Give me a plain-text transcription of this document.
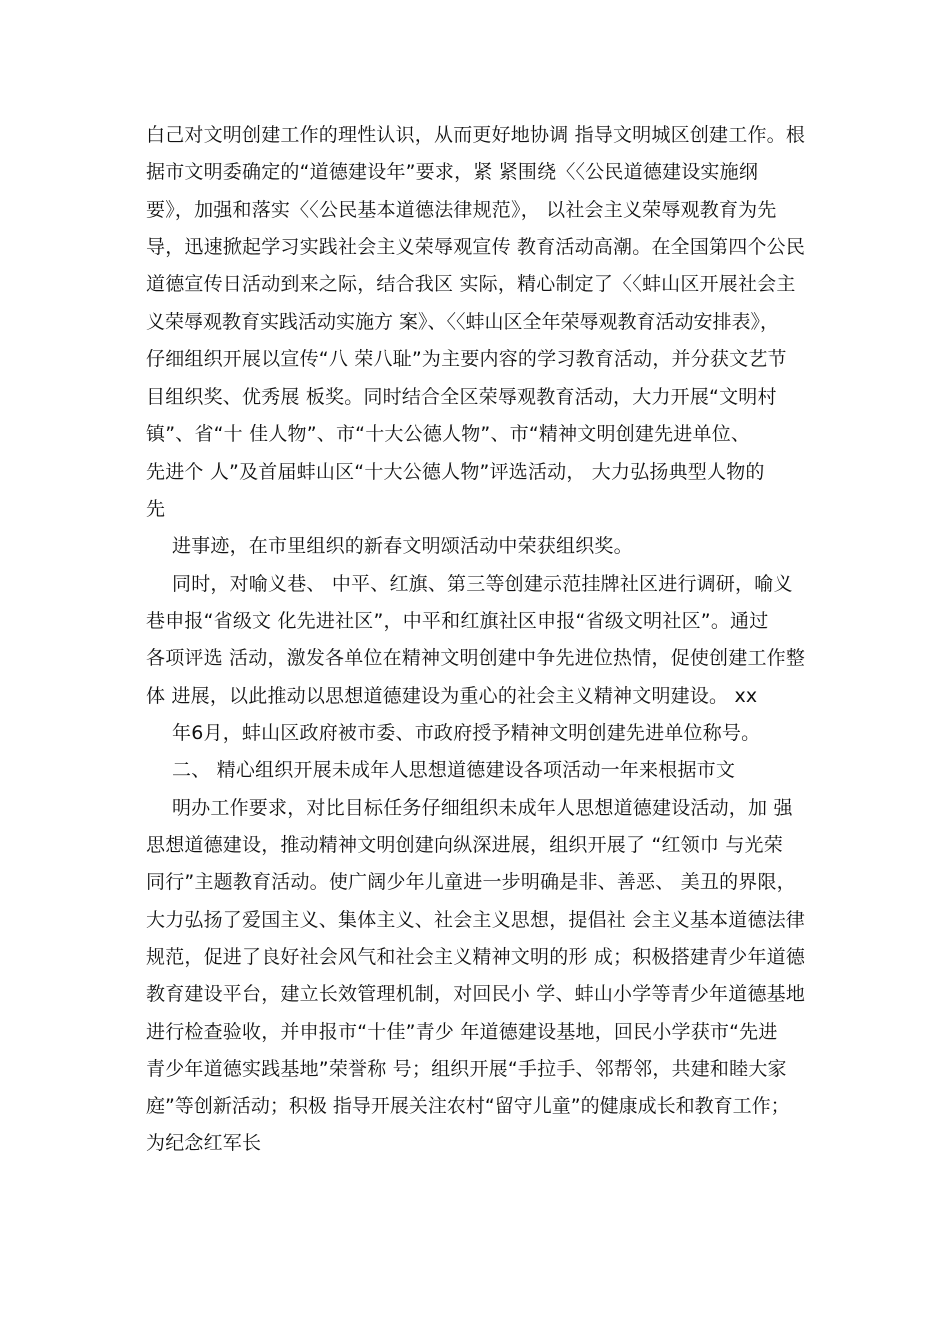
白己对文明创建工作的理性认识，从而更好地协调 指导文明城区创建工作。根
据市文明委确定的“道德建设年”要求，紧 紧围绕〈〈公民道德建设实施纲
要》，加强和落实〈〈公民基本道德法律规范》， 以社会主义荣辱观教育为先
导，迅速掀起学习实践社会主义荣辱观宣传 教育活动高潮。在全国第四个公民
道德宣传日活动到来之际，结合我区 实际，精心制定了〈〈蚌山区开展社会主
义荣辱观教育实践活动实施方 案》、〈〈蚌山区全年荣辱观教育活动安排表》，
仔细组织开展以宣传“八 荣八耻”为主要内容的学习教育活动，并分获文艺节
目组织奖、优秀展 板奖。同时结合全区荣辱观教育活动，大力开展“文明村
镇”、省“十 佳人物”、市“十大公德人物”、市“精神文明创建先进单位、
先进个 人”及首届蚌山区“十大公德人物”评选活动， 大力弘扬典型人物的
先
进事迹，在市里组织的新春文明颂活动中荣获组织奖。
同时，对喻义巷、 中平、红旗、第三等创建示范挂牌社区进行调研，喻义
巷申报“省级文 化先进社区”，中平和红旗社区申报“省级文明社区”。通过
各项评选 活动，激发各单位在精神文明创建中争先进位热情，促使创建工作整
体 进展，以此推动以思想道德建设为重心的社会主义精神文明建设。 xx
年6月，蚌山区政府被市委、市政府授予精神文明创建先进单位称号。
二、 精心组织开展未成年人思想道德建设各项活动一年来根据市文
明办工作要求，对比目标任务仔细组织未成年人思想道德建设活动，加 强
思想道德建设，推动精神文明创建向纵深进展，组织开展了 “红领巾 与光荣
同行”主题教育活动。使广阔少年儿童进一步明确是非、善恶、 美丑的界限，
大力弘扬了爱国主义、集体主义、社会主义思想，提倡社 会主义基本道德法律
规范，促进了良好社会风气和社会主义精神文明的形 成；积极搭建青少年道德
教育建设平台，建立长效管理机制，对回民小 学、蚌山小学等青少年道德基地
进行检查验收，并申报市“十佳”青少 年道德建设基地，回民小学获市“先进
青少年道德实践基地”荣誉称 号；组织开展“手拉手、邻帮邻，共建和睦大家
庭”等创新活动；积极 指导开展关注农村“留守儿童”的健康成长和教育工作；
为纪念红军长
